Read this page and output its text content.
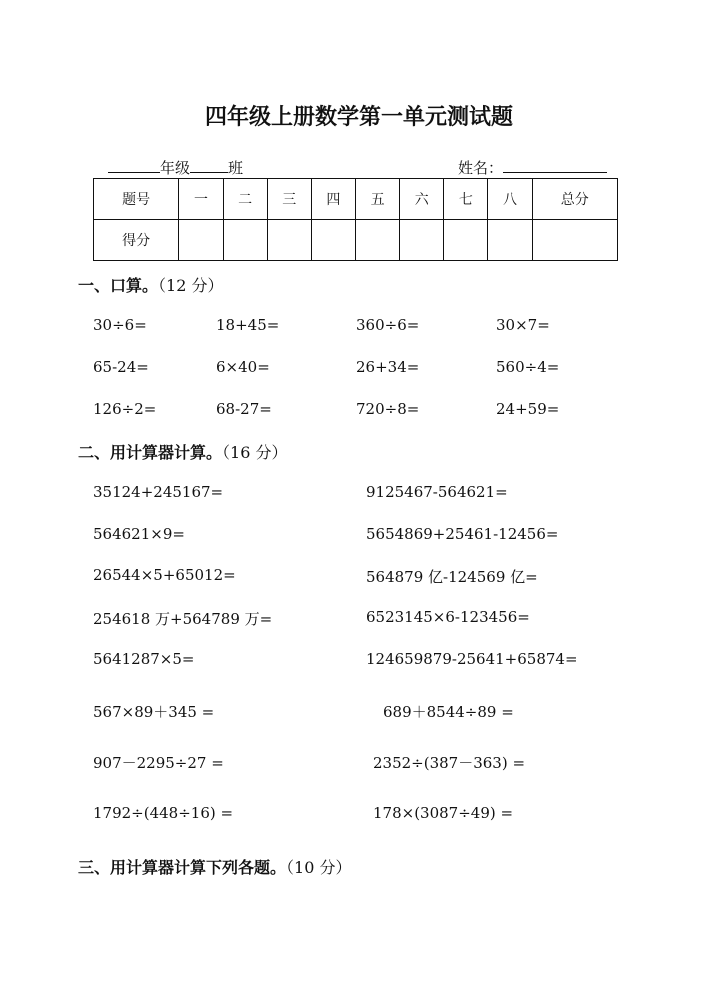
四年级上册数学第一单元测试题
年级	班	姓名：
题号	一	二	三	四	五	六	七	八	总分
得分									
一、口算。（12 分）
30÷6=	18+45=	360÷6=	30×7=
65-24=	6×40=	26+34=	560÷4=
126÷2=	68-27=	720÷8=	24+59=
二、用计算器计算。（16 分）
35124+245167=	9125467-564621=
564621×9=	5654869+25461-12456=
26544×5+65012=	564879 亿-124569 亿=
254618 万+564789 万=	6523145×6-123456=
5641287×5=	124659879-25641+65874=
567×89＋345 =	689＋8544÷89 =
907－2295÷27 =	2352÷(387－363) =
1792÷(448÷16) =	178×(3087÷49) =
三、用计算器计算下列各题。（10 分）
